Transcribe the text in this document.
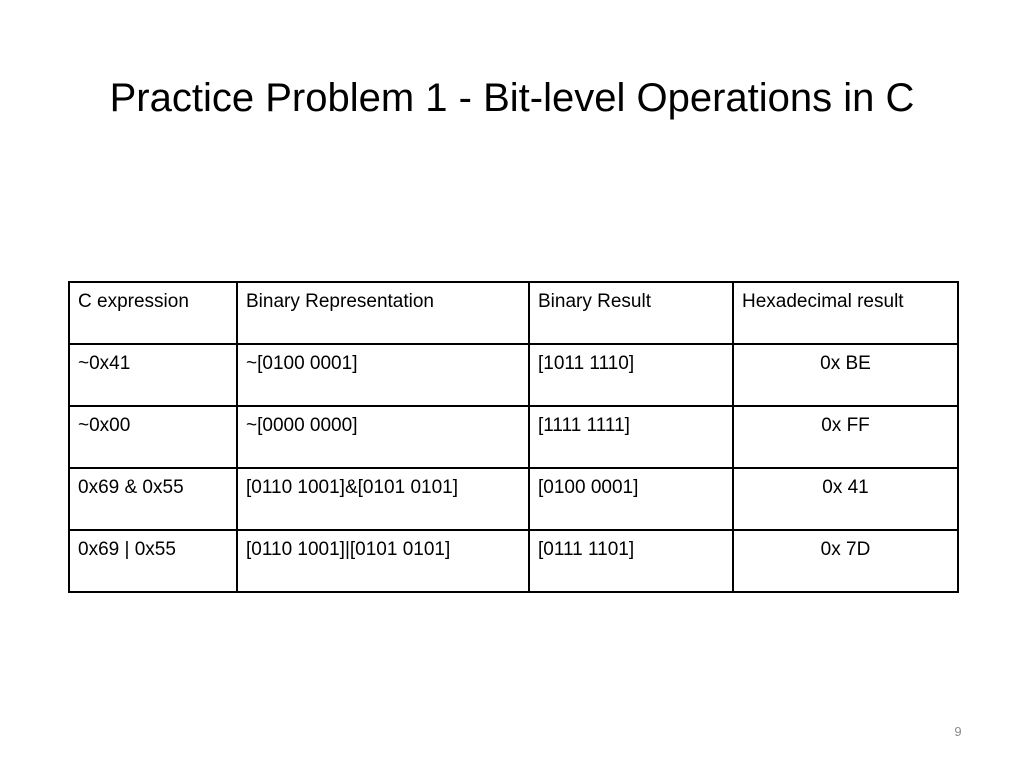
Practice Problem 1 - Bit-level Operations in C
C expression	Binary Representation	Binary Result	Hexadecimal result
~0x41	~[0100 0001]	[1011 1110]	0x BE
~0x00	~[0000 0000]	[1111 1111]	0x FF
0x69 & 0x55	[0110 1001]&[0101 0101]	[0100 0001]	0x 41
0x69 | 0x55	[0110 1001]|[0101 0101]	[0111 1101]	0x 7D
9
